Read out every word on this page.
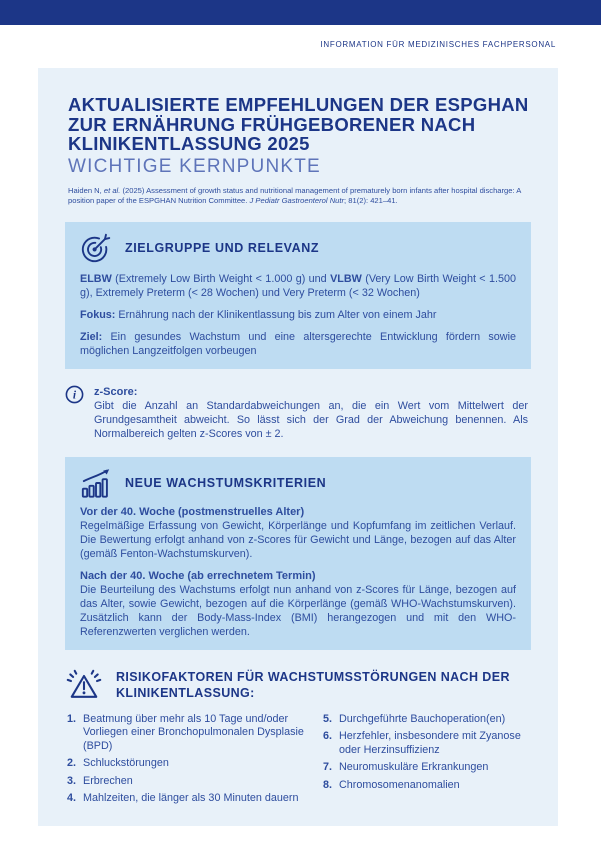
INFORMATION FÜR MEDIZINISCHES FACHPERSONAL
AKTUALISIERTE EMPFEHLUNGEN DER ESPGHAN
ZUR ERNÄHRUNG FRÜHGEBORENER NACH
KLINIKENTLASSUNG 2025
WICHTIGE KERNPUNKTE

Haiden N, et al. (2025) Assessment of growth status and nutritional management of prematurely born infants after hospital discharge: A position paper of the ESPGHAN Nutrition Committee. J Pediatr Gastroenterol Nutr; 81(2): 421–41.

ZIELGRUPPE UND RELEVANZ

ELBW (Extremely Low Birth Weight < 1.000 g) und VLBW (Very Low Birth Weight < 1.500 g), Extremely Preterm (< 28 Wochen) und Very Preterm (< 32 Wochen)

Fokus: Ernährung nach der Klinikentlassung bis zum Alter von einem Jahr

Ziel: Ein gesundes Wachstum und eine altersgerechte Entwicklung fördern sowie möglichen Langzeitfolgen vorbeugen

i z-Score:

Gibt die Anzahl an Standardabweichungen an, die ein Wert vom Mittelwert der Grundgesamtheit abweicht. So lässt sich der Grad der Abweichung benennen. Als Normalbereich gelten z-Scores von ± 2.

NEUE WACHSTUMSKRITERIEN

Vor der 40. Woche (postmenstruelles Alter)

Regelmäßige Erfassung von Gewicht, Körperlänge und Kopfumfang im zeitlichen Verlauf. Die Bewertung erfolgt anhand von z-Scores für Gewicht und Länge, bezogen auf das Alter (gemäß Fenton-Wachstumskurven).

Nach der 40. Woche (ab errechnetem Termin)

Die Beurteilung des Wachstums erfolgt nun anhand von z-Scores für Länge, bezogen auf das Alter, sowie Gewicht, bezogen auf die Körperlänge (gemäß WHO-Wachstumskurven). Zusätzlich kann der Body-Mass-Index (BMI) herangezogen und mit den WHO-Referenzwerten verglichen werden.

RISIKOFAKTOREN FÜR WACHSTUMSSTÖRUNGEN NACH DER KLINIKENTLASSUNG:
1. Beatmung über mehr als 10 Tage und/oder Vorliegen einer Bronchopulmonalen Dysplasie (BPD)
2. Schluckstörungen
3. Erbrechen
4. Mahlzeiten, die länger als 30 Minuten dauern
5. Durchgeführte Bauchoperation(en)
6. Herzfehler, insbesondere mit Zyanose oder Herzinsuffizienz
7. Neuromuskuläre Erkrankungen
8. Chromosomenanomalien
